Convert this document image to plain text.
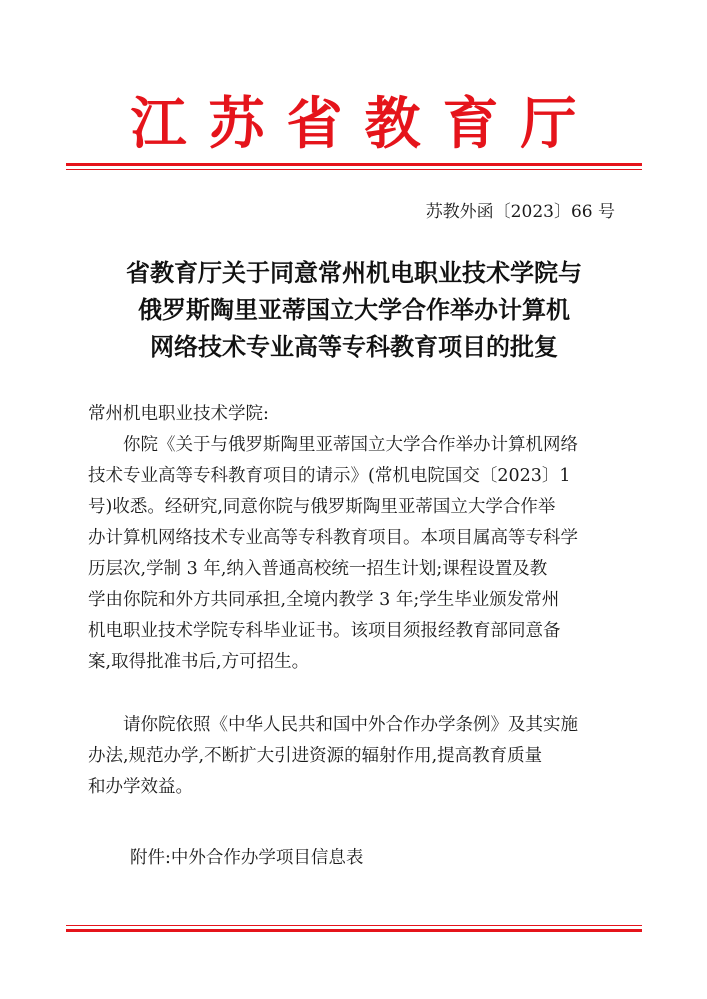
江苏省教育厅
苏教外函〔2023〕66 号
省教育厅关于同意常州机电职业技术学院与
俄罗斯陶里亚蒂国立大学合作举办计算机
网络技术专业高等专科教育项目的批复
常州机电职业技术学院:
你院《关于与俄罗斯陶里亚蒂国立大学合作举办计算机网络
技术专业高等专科教育项目的请示》(常机电院国交〔2023〕1
号)收悉。经研究,同意你院与俄罗斯陶里亚蒂国立大学合作举
办计算机网络技术专业高等专科教育项目。本项目属高等专科学
历层次,学制 3 年,纳入普通高校统一招生计划;课程设置及教
学由你院和外方共同承担,全境内教学 3 年;学生毕业颁发常州
机电职业技术学院专科毕业证书。该项目须报经教育部同意备
案,取得批准书后,方可招生。
请你院依照《中华人民共和国中外合作办学条例》及其实施
办法,规范办学,不断扩大引进资源的辐射作用,提高教育质量
和办学效益。
附件:中外合作办学项目信息表
